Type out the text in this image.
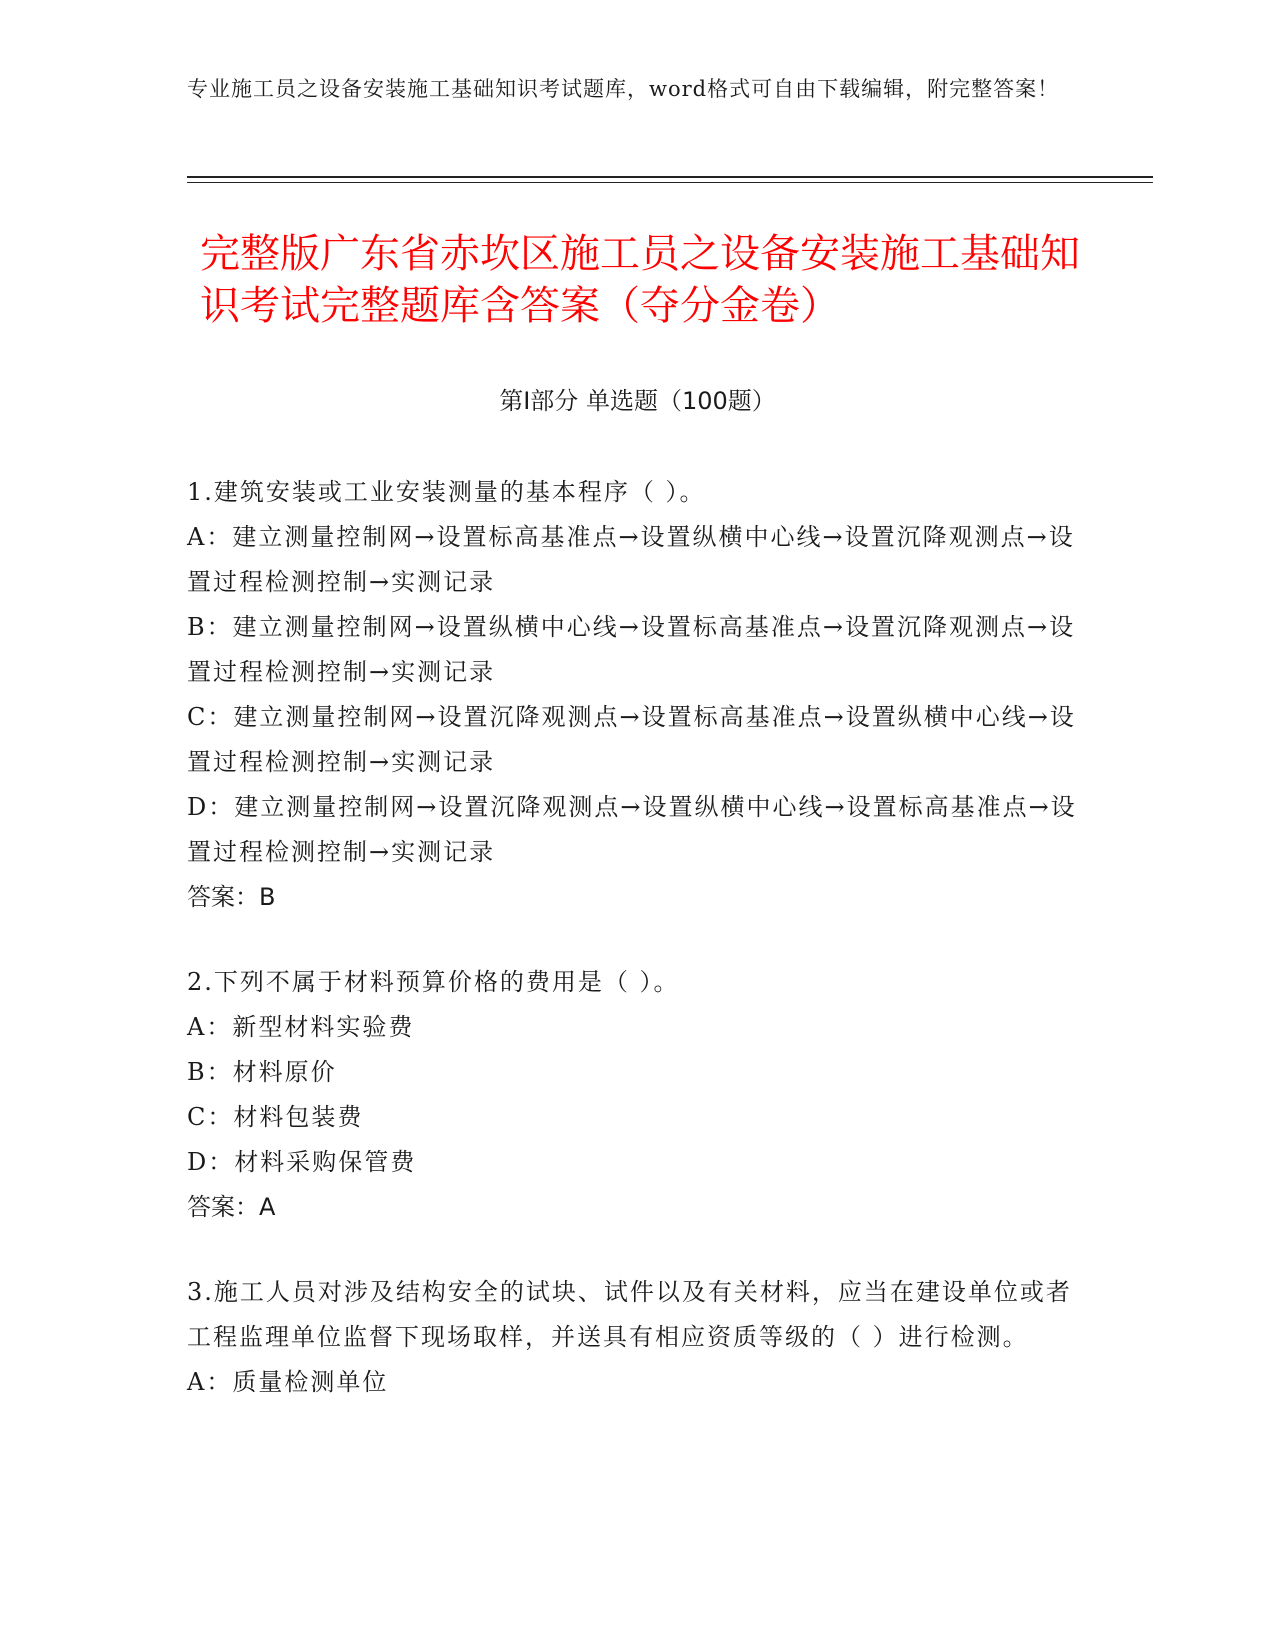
专业施工员之设备安装施工基础知识考试题库，word格式可自由下载编辑，附完整答案！
完整版广东省赤坎区施工员之设备安装施工基础知识考试完整题库含答案（夺分金卷）
第Ⅰ部分 单选题（100题）

1.建筑安装或工业安装测量的基本程序（ ）。

A：建立测量控制网→设置标高基准点→设置纵横中心线→设置沉降观测点→设置过程检测控制→实测记录

B：建立测量控制网→设置纵横中心线→设置标高基准点→设置沉降观测点→设置过程检测控制→实测记录

C：建立测量控制网→设置沉降观测点→设置标高基准点→设置纵横中心线→设置过程检测控制→实测记录

D：建立测量控制网→设置沉降观测点→设置纵横中心线→设置标高基准点→设置过程检测控制→实测记录

答案：B

2.下列不属于材料预算价格的费用是（ ）。

A：新型材料实验费

B：材料原价

C：材料包装费

D：材料采购保管费

答案：A

3.施工人员对涉及结构安全的试块、试件以及有关材料，应当在建设单位或者工程监理单位监督下现场取样，并送具有相应资质等级的（ ）进行检测。

A：质量检测单位
